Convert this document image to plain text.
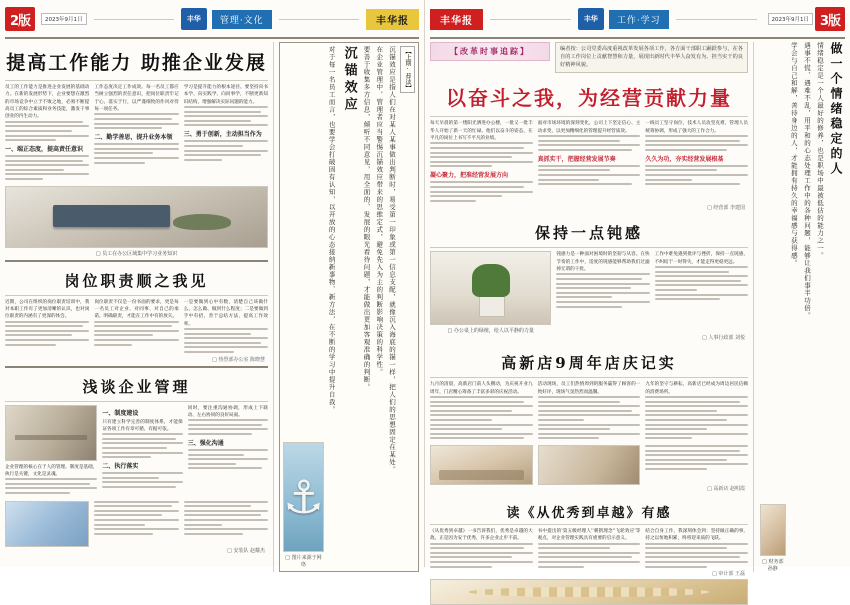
2版	2023年9月1日	丰华	管理·文化	丰华报
提高工作能力 助推企业发展
员工的工作能力是推进企业发展的基础动力。在新的发展形势下，企业要想在激烈的市场竞争中立于不败之地，必须不断提高员工的综合素质和业务技能，激发干事创业的内生动力。
一、端正态度，提高责任意识
工作态度决定工作成效。每一名员工都应当树立强烈的责任意识，把岗位职责牢记于心、落实于行，以严谨细致的作风对待每一项任务。
二、勤学善思，提升业务本领
学习是提升能力的根本途径。要坚持向书本学、向实践学、向同事学，不断更新知识结构，增强解决实际问题的能力。
三、勇于创新，主动担当作为
□ 员工在办公区域集中学习业务知识
岗位职责顺之我见
近期，公司在组织的岗位职责培训中，我对本职工作有了更加清晰的认识，也对岗位职责的内涵有了更深的体会。
岗位职责不仅是一份书面的要求，更是每一名员工对企业、对同事、对自己的承诺。明确职责，才能在工作中有的放矢。
一是要做到心中有数，清楚自己该做什么、怎么做、做到什么程度；二是要做到手中有招，善于总结方法，提高工作效率。
□ 热烈部办公室 陈晓慧
浅谈企业管理
企业管理的核心在于人的管理。制度是基础，执行是关键，文化是灵魂。
一、制度建设
只有建立科学完善的制度体系，才能保证各项工作有章可循、有据可依。
二、执行落实
同时，要注重沟通协调，形成上下联动、左右协同的良好局面。
三、强化沟通
□ 安装队 赵耀杰
【上期·荐读】
沉锚效应是指人们在对某人某事做出判断时，易受第一印象或第一信息支配，就像沉入海底的锚一样，把人们的思想固定在某处。
在企业管理中，管理者应当警惕沉锚效应带来的思维定式，避免先入为主的判断影响决策的科学性。
要善于收集多方信息，倾听不同意见，用全面的、发展的眼光看待问题，才能做出更加客观准确的判断。
沉锚效应
对于每一名员工而言，也要学会打破固有认知，以开放的心态接纳新事物、新方法，在不断的学习中提升自我。
⚓
□ 图片来源于网络
丰华报	丰华	工作·学习	2023年9月1日 3版
【改革时事追踪】	编者按：公司党委高度重视改革发展各项工作，各方面干部职工踊跃参与，在各自的工作岗位上贡献智慧和力量，展现出新时代丰华人奋发有为、担当实干的良好精神风貌。
以奋斗之我，为经营贡献力量
每天早晨的第一缕阳光洒进办公楼，一批又一批丰华人开始了新一天的忙碌。他们以奋斗的姿态，在平凡的岗位上书写不平凡的业绩。
凝心聚力，把准经营发展方向
面对市场环境的深刻变化，公司上下坚定信心、主动求变，以更加精细化的管理提升经营质效。
真抓实干，把握经营发展节奏
一线员工坚守岗位，技术人员攻坚克难，管理人员统筹协调，形成了强大的工作合力。
久久为功，夯实经营发展根基
□ 经营部 李建国
保持一点钝感
□ 办公桌上的绿植，给人以平静的力量
钝感力是一种面对困境时的坚韧与从容。在快节奏的工作中，适度的钝感能够帮助我们过滤掉无谓的干扰。
工作中难免遇到批评与挫折，保持一点钝感，不纠结于一时得失，才能走得更稳更远。
□ 人事行政部 刘悦
高新店9周年店庆记实
九月的清晨，高新店门前人头攒动，为庆祝开业九周年，门店精心筹备了丰富多彩的庆祝活动。
活动现场，员工们热情周到的服务赢得了顾客的一致好评，现场气氛热烈而温馨。
九年的坚守与耕耘，高新店已经成为周边居民信赖的消费场所。
□ 高新店 赵明霞
读《从优秀到卓越》有感
《从优秀到卓越》一书告诉我们，优秀是卓越的大敌。正是因为安于优秀，许多企业止步不前。
书中提出的'第五级经理人''刺猬理念''飞轮效应'等观点，对企业管理实践具有重要的启示意义。
结合自身工作，我深刻体会到：坚持做正确的事，持之以恒地积累，终将迎来质的飞跃。
□ 审计部 王磊
做一个情绪稳定的人
情绪稳定是一个人最好的修养，也是职场中最被低估的能力之一。
遇事不慌、遇难不乱，用平和的心态处理工作中的各种问题，能够让我们事半功倍。
学会与自己和解，善待身边的人，才能拥有持久的幸福感与获得感。
□ 财务部 孙静
